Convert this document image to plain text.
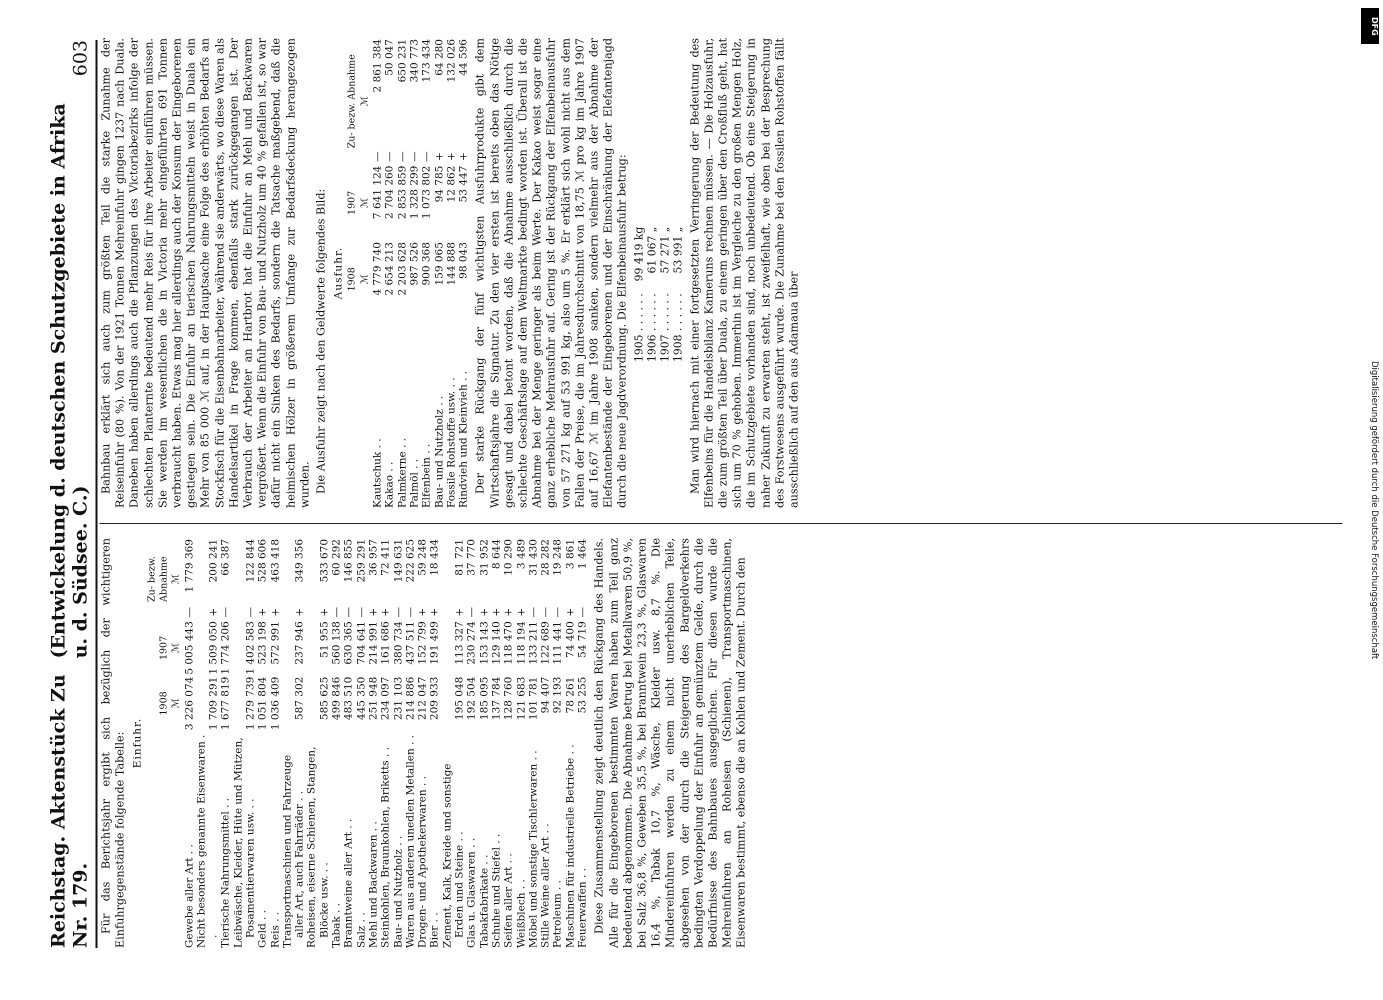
Reichstag. Aktenstück Zu Nr. 179.
(Entwickelung d. deutschen Schutzgebiete in Afrika u. d. Südsee. C.)
603

Für das Berichtsjahr ergibt sich bezüglich der wichtigeren Einfuhrgegenstände folgende Tabelle: Einfuhr.
	1908	1907	Zu- bezw. Abnahme	
	ℳ	ℳ	ℳ	
Gewebe aller Art . .	3 226 074	5 005 443	—	1 779 369
Nicht besonders genannte Eisenwaren . .	1 709 291	1 509 050	+	200 241
Tierische Nahrungsmittel . .	1 677 819	1 774 206	—	66 387
Leibwäsche, Kleider, Hüte und Mützen, Posamentierwaren usw. . .	1 279 739	1 402 583	—	122 844
Geld . .	1 051 804	523 198	+	528 606
Reis . .	1 036 409	572 991	+	463 418
Transportmaschinen und Fahrzeuge aller Art, auch Fahrräder . .	587 302	237 946	+	349 356
Roheisen, eiserne Schienen, Stangen, Blöcke usw. . .	585 625	51 955	+	533 670
Tabak . .	499 846	560 138	—	60 292
Branntweine aller Art . .	483 510	630 365	—	146 855
Salz . .	445 350	704 641	—	259 291
Mehl und Backwaren . .	251 948	214 991	+	36 957
Steinkohlen, Braunkohlen, Briketts . .	234 097	161 686	+	72 411
Bau- und Nutzholz . .	231 103	380 734	—	149 631
Waren aus anderen unedlen Metallen . .	214 886	437 511	—	222 625
Drogen- und Apothekerwaren . .	212 047	152 799	+	59 248
Bier . .	209 933	191 499	+	18 434
Zement, Kalk, Kreide und sonstige Erden und Steine . .	195 048	113 327	+	81 721
Glas u. Glaswaren . .	192 504	230 274	—	37 770
Tabakfabrikate . .	185 095	153 143	+	31 952
Schuhe und Stiefel . .	137 784	129 140	+	8 644
Seifen aller Art . .	128 760	118 470	+	10 290
Weißblech . .	121 683	118 194	+	3 489
Möbel und sonstige Tischlerwaren . .	101 781	133 211	—	31 430
Stille Weine aller Art . .	94 407	122 689	—	28 282
Petroleum . .	92 193	111 441	—	19 248
Maschinen für industrielle Betriebe . .	78 261	74 400	+	3 861
Feuerwaffen . .	53 255	54 719	—	1 464 Diese Zusammenstellung zeigt deutlich den Rückgang des Handels. Alle für die Eingeborenen bestimmten Waren haben zum Teil ganz bedeutend abgenommen. Die Abnahme betrug bei Metallwaren 50,9 %, bei Salz 36,8 %, Geweben 35,5 %, bei Branntwein 23,3 %, Glaswaren 16,4 %, Tabak 10,7 %, Wäsche, Kleider usw. 8,7 %. Die Mindereinfuhren werden zu einem nicht unerheblichen Teile, abgesehen von der durch die Steigerung des Bargeldverkehrs bedingten Verdoppelung der Einfuhr an gemünztem Gelde, durch die Bedürfnisse des Bahnbaues ausgeglichen. Für diesen wurde die Mehreinfuhren an Roheisen (Schienen), Transportmaschinen, Eisenwaren bestimmt, ebenso die an Kohlen und Zement. Durch den

Bahnbau erklärt sich auch zum größten Teil die starke Zunahme der Reiseinfuhr (80 %). Von der 1921 Tonnen Mehreinfuhr gingen 1237 nach Duala. Daneben haben allerdings auch die Pflanzungen des Victoriabezirks infolge der schlechten Planternte bedeutend mehr Reis für ihre Arbeiter einführen müssen. Sie werden im wesentlichen die in Victoria mehr eingeführten 691 Tonnen verbraucht haben. Etwas mag hier allerdings auch der Konsum der Eingeborenen gestiegen sein. Die Einfuhr an tierischen Nahrungsmitteln weist in Duala ein Mehr von 85 000 ℳ auf, in der Hauptsache eine Folge des erhöhten Bedarfs an Stockfisch für die Eisenbahnarbeiter, während sie anderwärts, wo diese Waren als Handelsartikel in Frage kommen, ebenfalls stark zurückgegangen ist. Der Verbrauch der Arbeiter an Hartbrot hat die Einfuhr an Mehl und Backwaren vergrößert. Wenn die Einfuhr von Bau- und Nutzholz um 40 % gefallen ist, so war dafür nicht ein Sinken des Bedarfs, sondern die Tatsache maßgebend, daß die heimischen Hölzer in größerem Umfange zur Bedarfsdeckung herangezogen wurden. Die Ausfuhr zeigt nach den Geldwerte folgendes Bild: Ausfuhr.
	1908	1907	Zu- bezw. Abnahme	
	ℳ	ℳ	ℳ	
Kautschuk . .	4 779 740	7 641 124	—	2 861 384
Kakao . .	2 654 213	2 704 260	—	50 047
Palmkerne . .	2 203 628	2 853 859	—	650 231
Palmöl . .	987 526	1 328 299	—	340 773
Elfenbein . .	900 368	1 073 802	—	173 434
Bau- und Nutzholz . .	159 065	94 785	+	64 280
Fossile Rohstoffe usw. . .	144 888	12 862	+	132 026
Rindvieh und Kleinvieh . .	98 043	53 447	+	44 596 Der starke Rückgang der fünf wichtigsten Ausfuhrprodukte gibt dem Wirtschaftsjahre die Signatur. Zu den vier ersten ist bereits oben das Nötige gesagt und dabei betont worden, daß die Abnahme ausschließlich durch die schlechte Geschäftslage auf dem Weltmarkte bedingt worden ist. Überall ist die Abnahme bei der Menge geringer als beim Werte. Der Kakao weist sogar eine ganz erhebliche Mehrausfuhr auf. Gering ist der Rückgang der Elfenbeinausfuhr von 57 271 kg auf 53 991 kg, also um 5 %. Er erklärt sich wohl nicht aus dem Fallen der Preise, die im Jahresdurchschnitt von 18,75 ℳ pro kg im Jahre 1907 auf 16,67 ℳ im Jahre 1908 sanken, sondern vielmehr aus der Abnahme der Elefantenbestände der Eingeborenen und der Einschränkung der Elefantenjagd durch die neue Jagdverordnung. Die Elfenbeinausfuhr betrug: 1905 . . . . . .	99 419 kg
1906 . . . . . .	61 067 „
1907 . . . . . .	57 271 „
1908 . . . . . .	53 991 „ Man wird hiernach mit einer fortgesetzten Verringerung der Bedeutung des Elfenbeins für die Handelsbilanz Kameruns rechnen müssen. — Die Holzausfuhr, die zum größten Teil über Duala, zu einem geringen über den Croßfluß geht, hat sich um 70 % gehoben. Immerhin ist im Vergleiche zu den großen Mengen Holz, die im Schutzgebiete vorhanden sind, noch unbedeutend. Ob eine Steigerung in naher Zukunft zu erwarten steht, ist zweifelhaft, wie oben bei der Besprechung des Forstwesens ausgeführt wurde. Die Zunahme bei den fossilen Rohstoffen fällt ausschließlich auf den aus Adamaua über

DFG
Digitalisierung gefördert durch die Deutsche Forschungsgemeinschaft
